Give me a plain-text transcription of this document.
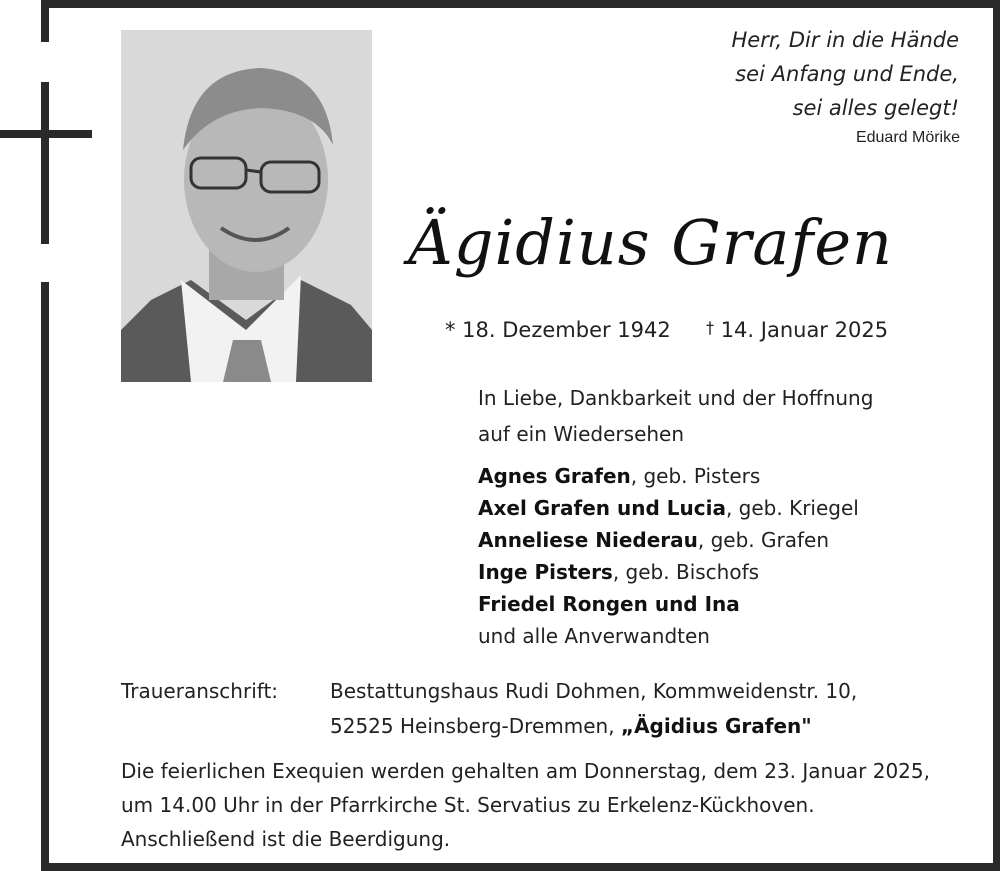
Herr, Dir in die Hände
sei Anfang und Ende,
sei alles gelegt!
Eduard Mörike
Ägidius Grafen
* 18. Dezember 1942 † 14. Januar 2025
In Liebe, Dankbarkeit und der Hoffnung
auf ein Wiedersehen
Agnes Grafen, geb. Pisters
Axel Grafen und Lucia, geb. Kriegel
Anneliese Niederau, geb. Grafen
Inge Pisters, geb. Bischofs
Friedel Rongen und Ina
und alle Anverwandten
Traueranschrift:	Bestattungshaus Rudi Dohmen, Kommweidenstr. 10,
52525 Heinsberg-Dremmen, „Ägidius Grafen"
Die feierlichen Exequien werden gehalten am Donnerstag, dem 23. Januar 2025,
um 14.00 Uhr in der Pfarrkirche St. Servatius zu Erkelenz-Kückhoven.
Anschließend ist die Beerdigung.
